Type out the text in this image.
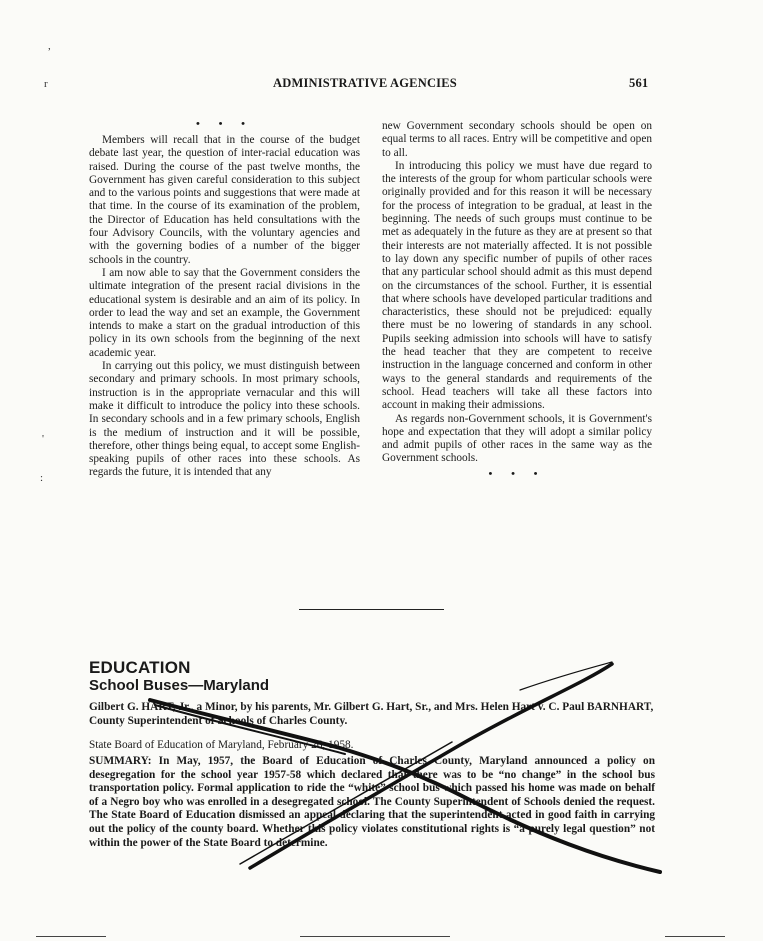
,
r
'
:
ADMINISTRATIVE AGENCIES	561
• • •

Members will recall that in the course of the budget debate last year, the question of inter-racial education was raised. During the course of the past twelve months, the Government has given careful consideration to this subject and to the various points and suggestions that were made at that time. In the course of its examination of the problem, the Director of Education has held consultations with the four Advisory Councils, with the voluntary agencies and with the governing bodies of a number of the bigger schools in the country.

I am now able to say that the Government considers the ultimate integration of the present racial divisions in the educational system is desirable and an aim of its policy. In order to lead the way and set an example, the Government intends to make a start on the gradual introduction of this policy in its own schools from the beginning of the next academic year.

In carrying out this policy, we must distinguish between secondary and primary schools. In most primary schools, instruction is in the appropriate vernacular and this will make it difficult to introduce the policy into these schools. In secondary schools and in a few primary schools, English is the medium of instruction and it will be possible, therefore, other things being equal, to accept some English-speaking pupils of other races into these schools. As regards the future, it is intended that any

new Government secondary schools should be open on equal terms to all races. Entry will be competitive and open to all.

In introducing this policy we must have due regard to the interests of the group for whom particular schools were originally provided and for this reason it will be necessary for the process of integration to be gradual, at least in the beginning. The needs of such groups must continue to be met as adequately in the future as they are at present so that their interests are not materially affected. It is not possible to lay down any specific number of pupils of other races that any particular school should admit as this must depend on the circumstances of the school. Further, it is essential that where schools have developed particular traditions and characteristics, these should not be prejudiced: equally there must be no lowering of standards in any school. Pupils seeking admission into schools will have to satisfy the head teacher that they are competent to receive instruction in the language concerned and conform in other ways to the general standards and requirements of the school. Head teachers will take all these factors into account in making their admissions.

As regards non-Government schools, it is Government's hope and expectation that they will adopt a similar policy and admit pupils of other races in the same way as the Government schools.

• • •
EDUCATION
School Buses—Maryland
Gilbert G. HART, Jr., a Minor, by his parents, Mr. Gilbert G. Hart, Sr., and Mrs. Helen Hart v. C. Paul BARNHART, County Superintendent of Schools of Charles County.
State Board of Education of Maryland, February 26, 1958.
SUMMARY: In May, 1957, the Board of Education of Charles County, Maryland announced a policy on desegregation for the school year 1957-58 which declared that there was to be “no change” in the school bus transportation policy. Formal application to ride the “white” school bus which passed his home was made on behalf of a Negro boy who was enrolled in a desegregated school. The County Superintendent of Schools denied the request. The State Board of Education dismissed an appeal declaring that the superintendent acted in good faith in carrying out the policy of the county board. Whether this policy violates constitutional rights is “a purely legal question” not within the power of the State Board to determine.
